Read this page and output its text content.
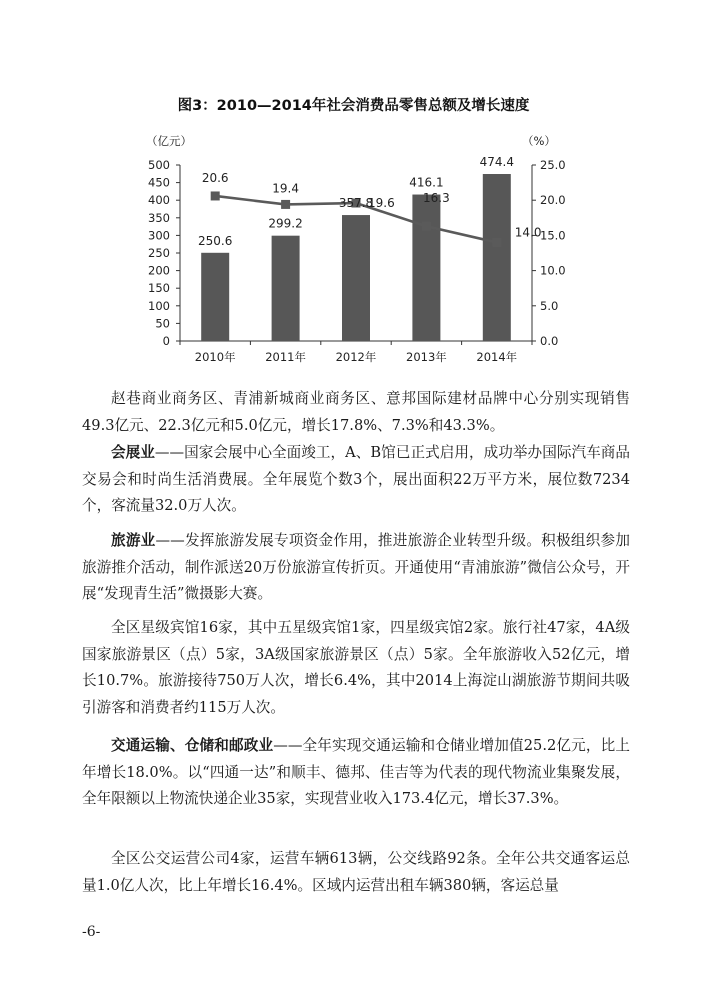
图3：2010—2014年社会消费品零售总额及增长速度
0
50
100
150
200
250
300
350
400
450
500
0.0
5.0
10.0
15.0
20.0
25.0
（亿元）	（%）
2010年	2011年	2012年	2013年	2014年
250.6
299.2
357.8
416.1
474.4
20.6
19.4
19.6 16.3
14.0

赵巷商业商务区、青浦新城商业商务区、意邦国际建材品牌中心分别实现销售49.3亿元、22.3亿元和5.0亿元，增长17.8%、7.3%和43.3%。

会展业——国家会展中心全面竣工，A、B馆已正式启用，成功举办国际汽车商品交易会和时尚生活消费展。全年展览个数3个，展出面积22万平方米，展位数7234个，客流量32.0万人次。

旅游业——发挥旅游发展专项资金作用，推进旅游企业转型升级。积极组织参加旅游推介活动，制作派送20万份旅游宣传折页。开通使用“青浦旅游”微信公众号，开展“发现青生活”微摄影大赛。

全区星级宾馆16家，其中五星级宾馆1家，四星级宾馆2家。旅行社47家，4A级国家旅游景区（点）5家，3A级国家旅游景区（点）5家。全年旅游收入52亿元，增长10.7%。旅游接待750万人次，增长6.4%，其中2014上海淀山湖旅游节期间共吸引游客和消费者约115万人次。

交通运输、仓储和邮政业——全年实现交通运输和仓储业增加值25.2亿元，比上年增长18.0%。以“四通一达”和顺丰、德邦、佳吉等为代表的现代物流业集聚发展，全年限额以上物流快递企业35家，实现营业收入173.4亿元，增长37.3%。

全区公交运营公司4家，运营车辆613辆，公交线路92条。全年公共交通客运总量1.0亿人次，比上年增长16.4%。区域内运营出租车辆380辆，客运总量

-6-
